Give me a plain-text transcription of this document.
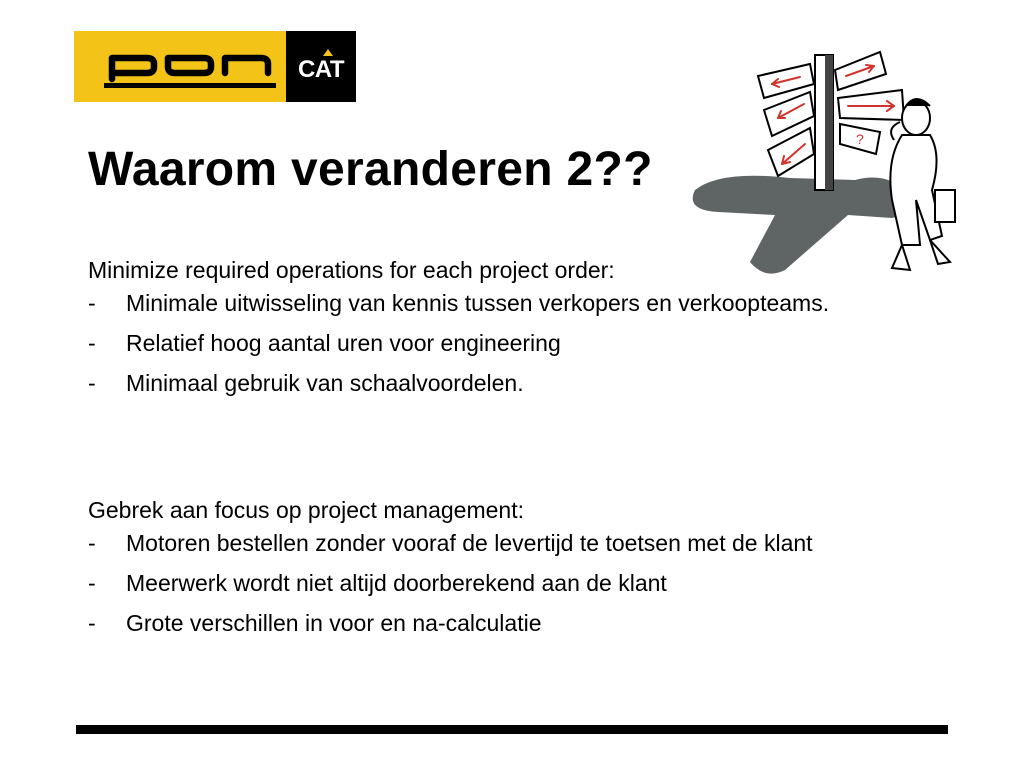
CAT
Waarom veranderen 2??
?

Minimize required operations for each project order:

-	Minimale uitwisseling van kennis tussen verkopers en verkoopteams.
-	Relatief hoog aantal uren voor engineering
-	Minimaal gebruik van schaalvoordelen.

Gebrek aan focus op project management:

-	Motoren bestellen zonder vooraf de levertijd te toetsen met de klant
-	Meerwerk wordt niet altijd doorberekend aan de klant
-	Grote verschillen in voor en na-calculatie
